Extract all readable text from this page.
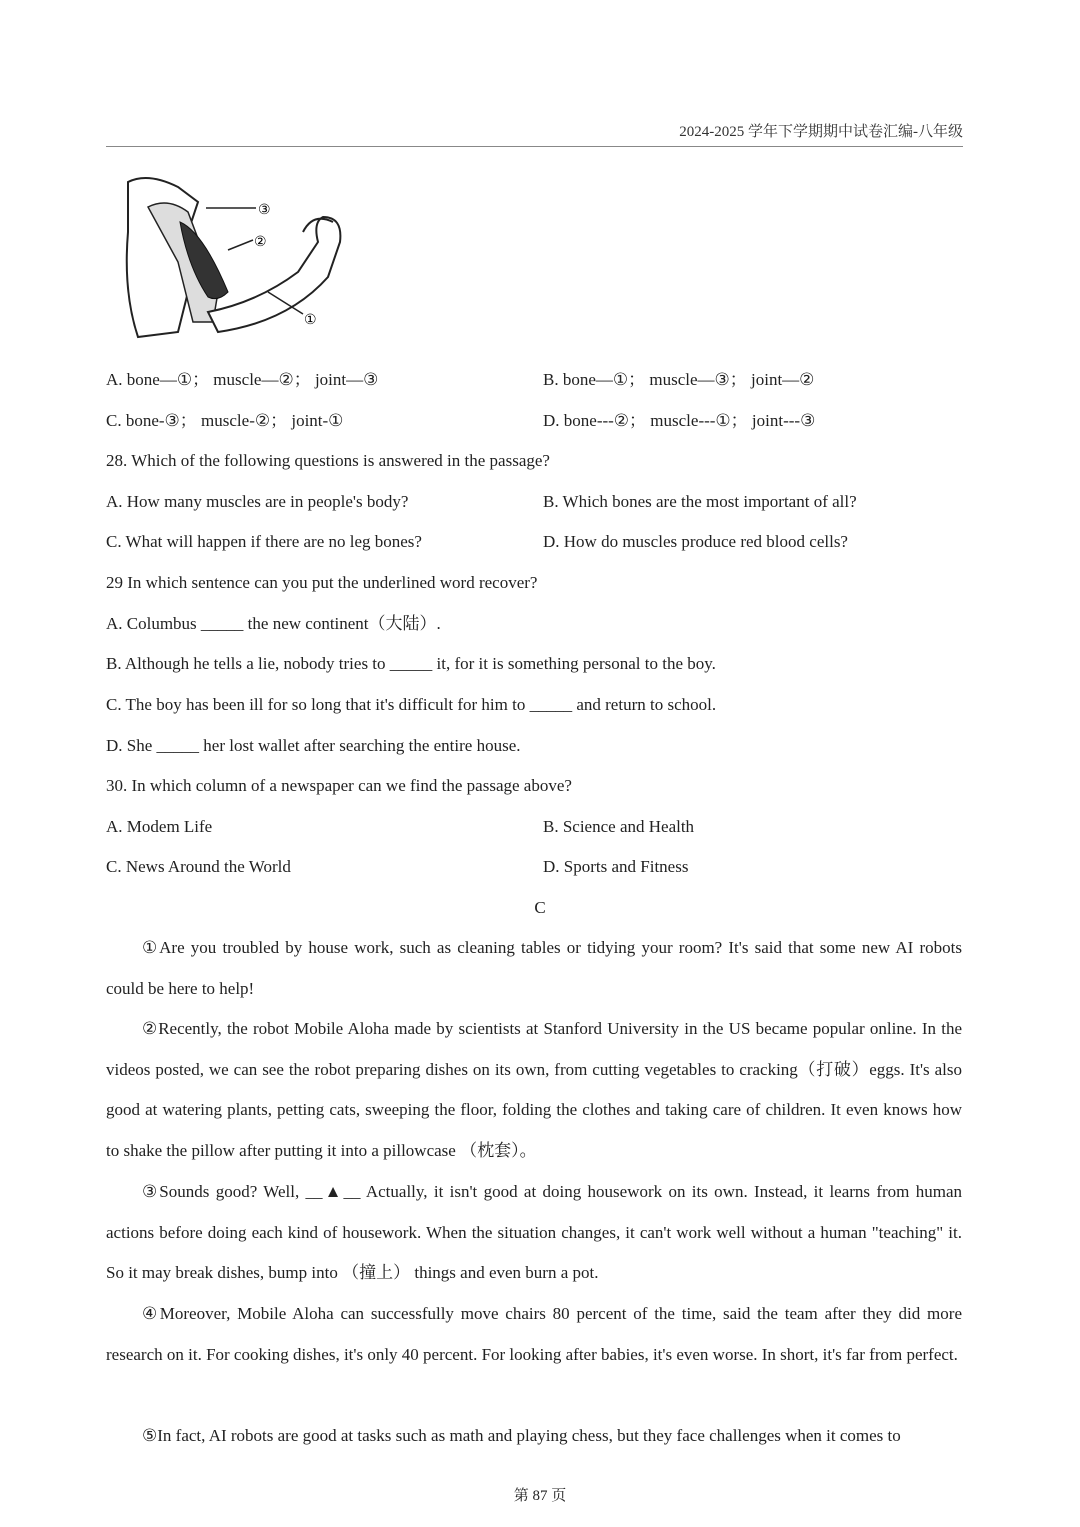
2024-2025 学年下学期期中试卷汇编-八年级
③
②
①
A. bone—①； muscle—②； joint—③	B. bone—①； muscle—③； joint—②
C. bone-③； muscle-②； joint-①	D. bone---②； muscle---①； joint---③
28. Which of the following questions is answered in the passage?
A. How many muscles are in people's body?	B. Which bones are the most important of all?
C. What will happen if there are no leg bones?	D. How do muscles produce red blood cells?
29 In which sentence can you put the underlined word recover?
A. Columbus _____ the new continent（大陆）.
B. Although he tells a lie, nobody tries to _____ it, for it is something personal to the boy.
C. The boy has been ill for so long that it's difficult for him to _____ and return to school.
D. She _____ her lost wallet after searching the entire house.
30. In which column of a newspaper can we find the passage above?
A. Modem Life	B. Science and Health
C. News Around the World	D. Sports and Fitness
C
①Are you troubled by house work, such as cleaning tables or tidying your room? It's said that some new AI robots could be here to help!
②Recently, the robot Mobile Aloha made by scientists at Stanford University in the US became popular online. In the videos posted, we can see the robot preparing dishes on its own, from cutting vegetables to cracking（打破）eggs. It's also good at watering plants, petting cats, sweeping the floor, folding the clothes and taking care of children. It even knows how to shake the pillow after putting it into a pillowcase （枕套）。
③Sounds good? Well, __▲__ Actually, it isn't good at doing housework on its own. Instead, it learns from human actions before doing each kind of housework. When the situation changes, it can't work well without a human "teaching" it. So it may break dishes, bump into （撞上） things and even burn a pot.
④Moreover, Mobile Aloha can successfully move chairs 80 percent of the time, said the team after they did more research on it. For cooking dishes, it's only 40 percent. For looking after babies, it's even worse. In short, it's far from perfect.
⑤In fact, AI robots are good at tasks such as math and playing chess, but they face challenges when it comes to
第 87 页
